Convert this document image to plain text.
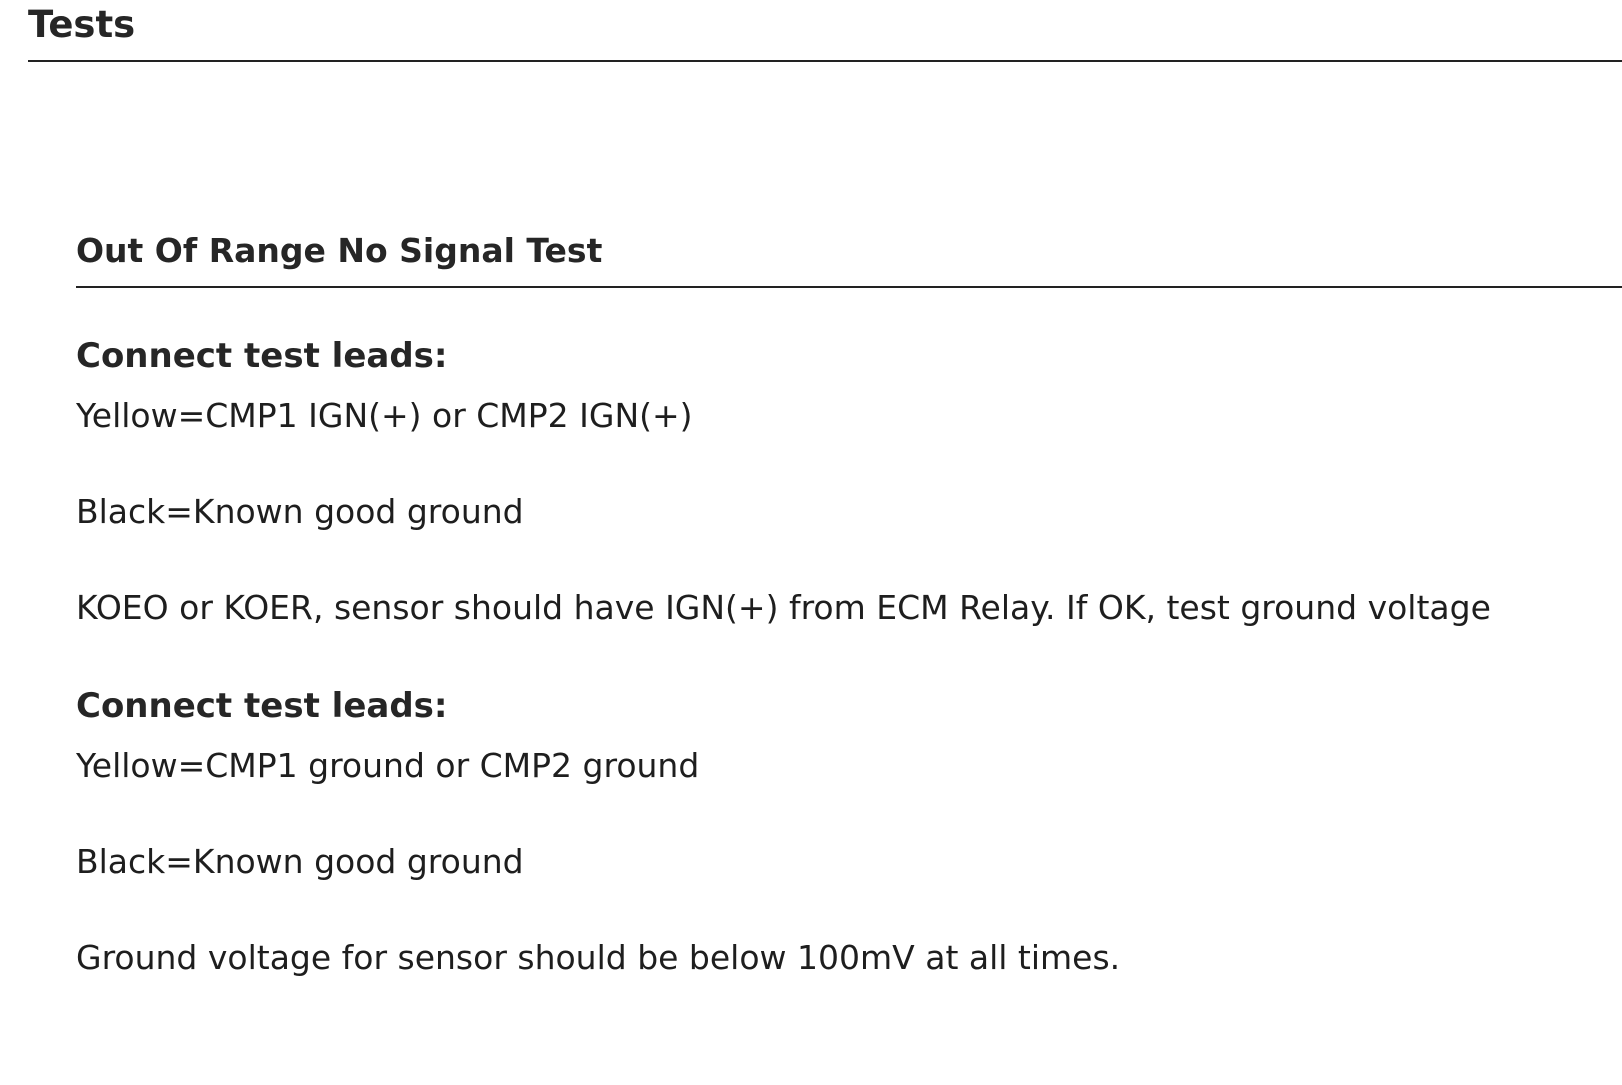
Tests
Out Of Range No Signal Test

Connect test leads:

Yellow=CMP1 IGN(+) or CMP2 IGN(+)

Black=Known good ground

KOEO or KOER, sensor should have IGN(+) from ECM Relay. If OK, test ground voltage

Connect test leads:

Yellow=CMP1 ground or CMP2 ground

Black=Known good ground

Ground voltage for sensor should be below 100mV at all times.
